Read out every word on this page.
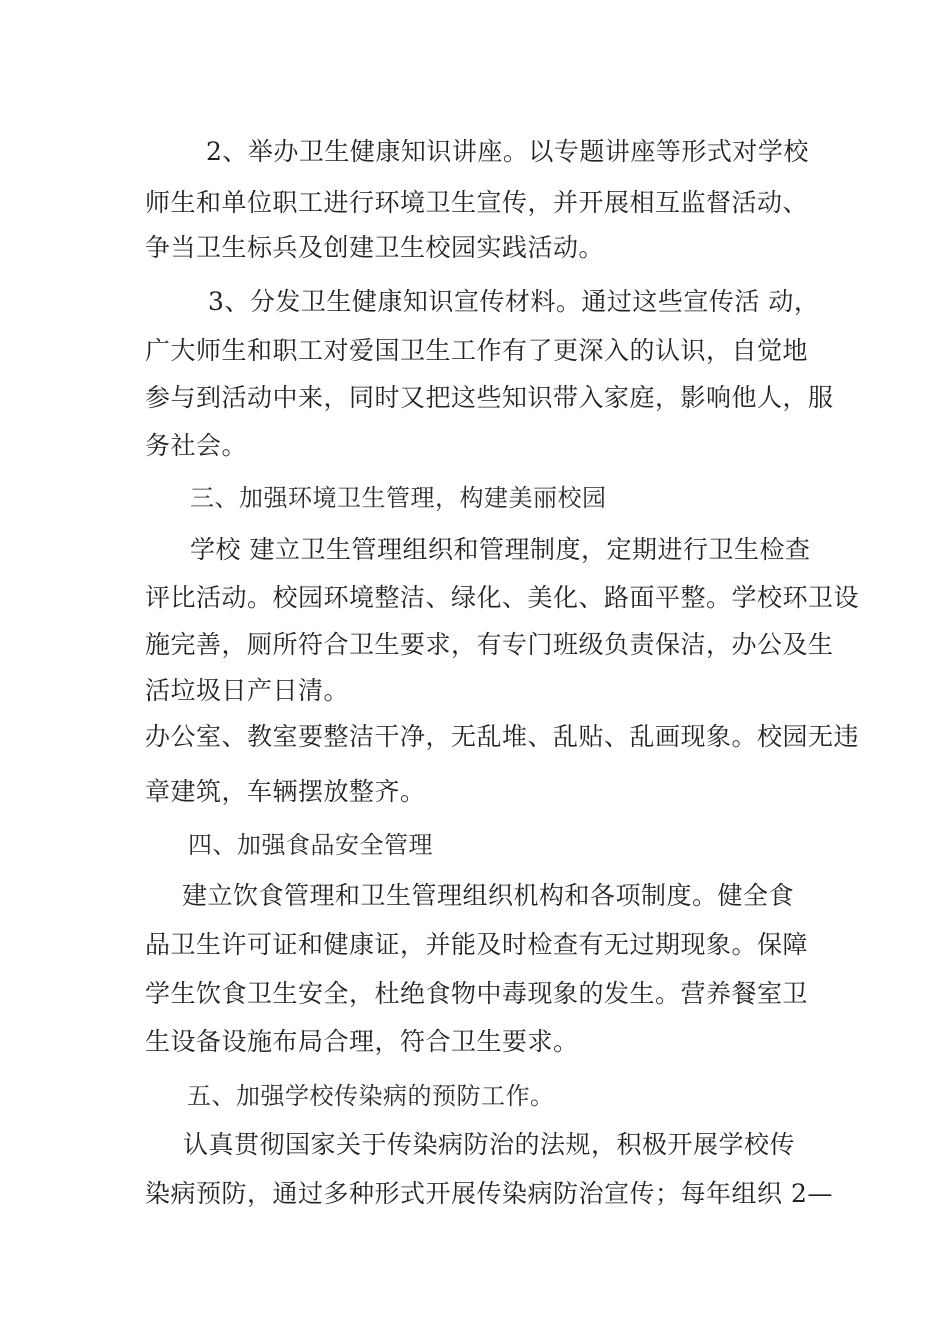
2、举办卫生健康知识讲座。以专题讲座等形式对学校
师生和单位职工进行环境卫生宣传，并开展相互监督活动、
争当卫生标兵及创建卫生校园实践活动。
3、分发卫生健康知识宣传材料。通过这些宣传活 动，
广大师生和职工对爱国卫生工作有了更深入的认识，自觉地
参与到活动中来，同时又把这些知识带入家庭，影响他人，服
务社会。
三、加强环境卫生管理，构建美丽校园
学校 建立卫生管理组织和管理制度，定期进行卫生检查
评比活动。校园环境整洁、绿化、美化、路面平整。学校环卫设
施完善，厕所符合卫生要求，有专门班级负责保洁，办公及生
活垃圾日产日清。
办公室、教室要整洁干净，无乱堆、乱贴、乱画现象。校园无违
章建筑，车辆摆放整齐。
四、加强食品安全管理
建立饮食管理和卫生管理组织机构和各项制度。健全食
品卫生许可证和健康证，并能及时检查有无过期现象。保障
学生饮食卫生安全，杜绝食物中毒现象的发生。营养餐室卫
生设备设施布局合理，符合卫生要求。
五、加强学校传染病的预防工作。
认真贯彻国家关于传染病防治的法规，积极开展学校传
染病预防，通过多种形式开展传染病防治宣传；每年组织 2—
